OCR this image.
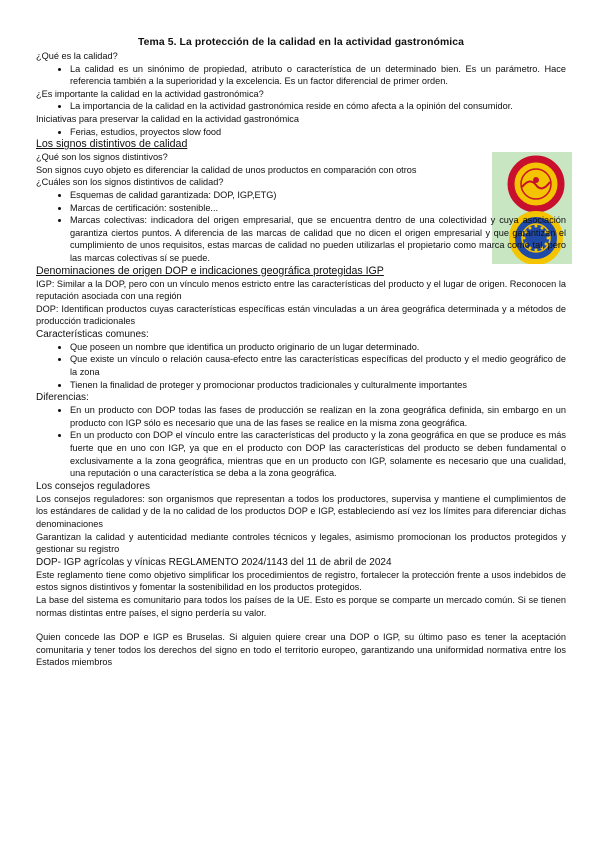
Tema 5. La protección de la calidad en la actividad gastronómica

¿Qué es la calidad?

• La calidad es un sinónimo de propiedad, atributo o característica de un determinado bien. Es un parámetro. Hace referencia también a la superioridad y la excelencia. Es un factor diferencial de primer orden.

¿Es importante la calidad en la actividad gastronómica?

• La importancia de la calidad en la actividad gastronómica reside en cómo afecta a la opinión del consumidor.

Iniciativas para preservar la calidad en la actividad gastronómica

• Ferias, estudios, proyectos slow food

Los signos distintivos de calidad

¿Qué son los signos distintivos?

Son signos cuyo objeto es diferenciar la calidad de unos productos en comparación con otros

¿Cuáles son los signos distintivos de calidad?

• Esquemas de calidad garantizada: DOP, IGP,ETG)
• Marcas de certificación: sostenible...
• Marcas colectivas: indicadora del origen empresarial, que se encuentra dentro de una colectividad y cuya asociación garantiza ciertos puntos. A diferencia de las marcas de calidad que no dicen el origen empresarial y que garantizan el cumplimiento de unos requisitos, estas marcas de calidad no pueden utilizarlas el propietario como marca como tal, pero las marcas colectivas sí se puede.

Denominaciones de origen DOP e indicaciones geográfica protegidas IGP

IGP: Similar a la DOP, pero con un vínculo menos estricto entre las características del producto y el lugar de origen. Reconocen la reputación asociada con una región

DOP: Identifican productos cuyas características específicas están vinculadas a un área geográfica determinada y a métodos de producción tradicionales

Características comunes:

• Que poseen un nombre que identifica un producto originario de un lugar determinado.
• Que existe un vínculo o relación causa-efecto entre las características específicas del producto y el medio geográfico de la zona
• Tienen la finalidad de proteger y promocionar productos tradicionales y culturalmente importantes

Diferencias:

• En un producto con DOP todas las fases de producción se realizan en la zona geográfica definida, sin embargo en un producto con IGP sólo es necesario que una de las fases se realice en la misma zona geográfica.
• En un producto con DOP el vínculo entre las características del producto y la zona geográfica en que se produce es más fuerte que en uno con IGP, ya que en el producto con DOP las características del producto se deben fundamental o exclusivamente a la zona geográfica, mientras que en un producto con IGP, solamente es necesario que una cualidad, una reputación o una característica se deba a la zona geográfica.

Los consejos reguladores

Los consejos reguladores: son organismos que representan a todos los productores, supervisa y mantiene el cumplimientos de los estándares de calidad y de la no calidad de los productos DOP e IGP, estableciendo así vez los límites para diferenciar dichas denominaciones

Garantizan la calidad y autenticidad mediante controles técnicos y legales, asimismo promocionan los productos protegidos y gestionar su registro

DOP- IGP agrícolas y vínicas REGLAMENTO 2024/1143 del 11 de abril de 2024

Este reglamento tiene como objetivo simplificar los procedimientos de registro, fortalecer la protección frente a usos indebidos de estos signos distintivos y fomentar la sostenibilidad en los productos protegidos.

La base del sistema es comunitario para todos los países de la UE. Esto es porque se comparte un mercado común. Si se tienen normas distintas entre países, el signo perdería su valor.

Quien concede las DOP e IGP es Bruselas. Si alguien quiere crear una DOP o IGP, su último paso es tener la aceptación comunitaria y tener todos los derechos del signo en todo el territorio europeo, garantizando una uniformidad normativa entre los Estados miembros
